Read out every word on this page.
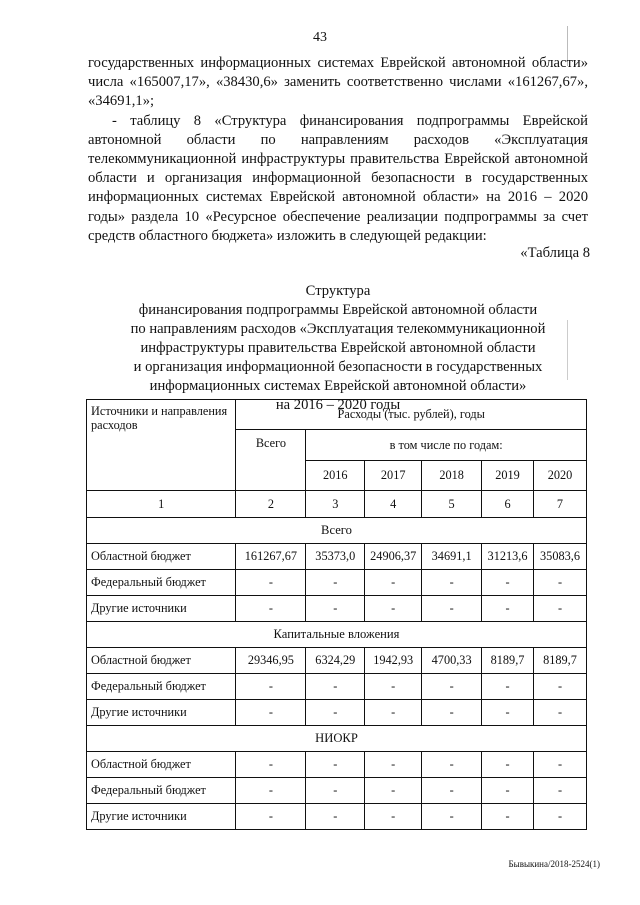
43

государственных информационных системах Еврейской автономной области» числа «165007,17», «38430,6» заменить соответственно числами «161267,67», «34691,1»;

- таблицу 8 «Структура финансирования подпрограммы Еврейской автономной области по направлениям расходов «Эксплуатация телекоммуникационной инфраструктуры правительства Еврейской автономной области и организация информационной безопасности в государственных информационных системах Еврейской автономной области» на 2016 – 2020 годы» раздела 10 «Ресурсное обеспечение реализации подпрограммы за счет средств областного бюджета» изложить в следующей редакции:

«Таблица 8
Структура
финансирования подпрограммы Еврейской автономной области
по направлениям расходов «Эксплуатация телекоммуникационной
инфраструктуры правительства Еврейской автономной области
и организация информационной безопасности в государственных
информационных системах Еврейской автономной области»
на 2016 – 2020 годы
Источники и направления расходов	Расходы (тыс. рублей), годы					
	Всего	в том числе по годам:				
		2016	2017	2018	2019	2020
1	2	3	4	5	6	7
Всего						
Областной бюджет	161267,67	35373,0	24906,37	34691,1	31213,6	35083,6
Федеральный бюджет	-	-	-	-	-	-
Другие источники	-	-	-	-	-	-
Капитальные вложения						
Областной бюджет	29346,95	6324,29	1942,93	4700,33	8189,7	8189,7
Федеральный бюджет	-	-	-	-	-	-
Другие источники	-	-	-	-	-	-
НИОКР						
Областной бюджет	-	-	-	-	-	-
Федеральный бюджет	-	-	-	-	-	-
Другие источники	-	-	-	-	-	-
Бывыкина/2018-2524(1)
